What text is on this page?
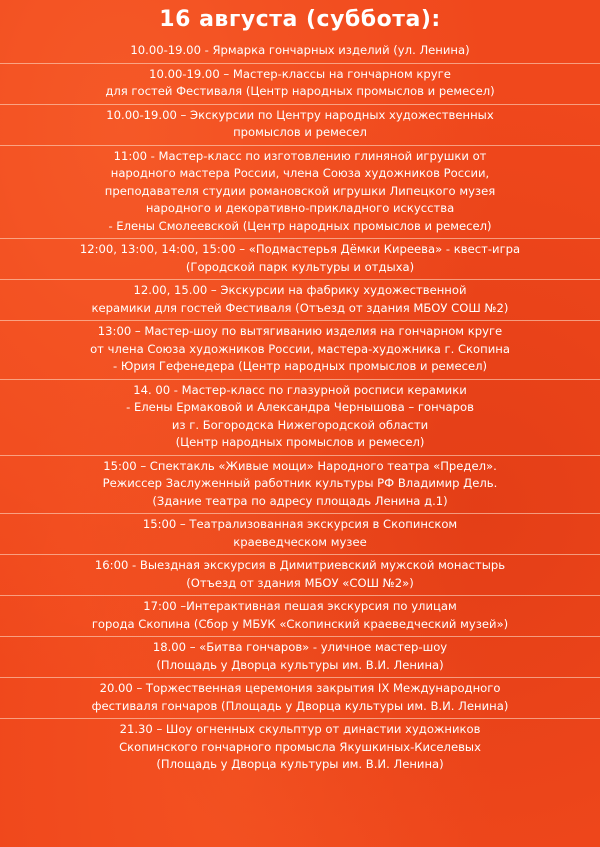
16 августа (суббота):
10.00-19.00 - Ярмарка гончарных изделий (ул. Ленина)
10.00-19.00 – Мастер-классы на гончарном круге
для гостей Фестиваля (Центр народных промыслов и ремесел)
10.00-19.00 – Экскурсии по Центру народных художественных
промыслов и ремесел
11:00 - Мастер-класс по изготовлению глиняной игрушки от
народного мастера России, члена Союза художников России,
преподавателя студии романовской игрушки Липецкого музея
народного и декоративно-прикладного искусства
- Елены Смолеевской (Центр народных промыслов и ремесел)
12:00, 13:00, 14:00, 15:00 – «Подмастерья Дёмки Киреева» - квест-игра
(Городской парк культуры и отдыха)
12.00, 15.00 – Экскурсии на фабрику художественной
керамики для гостей Фестиваля (Отъезд от здания МБОУ СОШ №2)
13:00 – Мастер-шоу по вытягиванию изделия на гончарном круге
от члена Союза художников России, мастера-художника г. Скопина
- Юрия Гефенедера (Центр народных промыслов и ремесел)
14. 00 - Мастер-класс по глазурной росписи керамики
- Елены Ермаковой и Александра Чернышова – гончаров
из г. Богородска Нижегородской области
(Центр народных промыслов и ремесел)
15:00 – Спектакль «Живые мощи» Народного театра «Предел».
Режиссер Заслуженный работник культуры РФ Владимир Дель.
(Здание театра по адресу площадь Ленина д.1)
15:00 – Театрализованная экскурсия в Скопинском
краеведческом музее
16:00 - Выездная экскурсия в Димитриевский мужской монастырь
(Отъезд от здания МБОУ «СОШ №2»)
17:00 –Интерактивная пешая экскурсия по улицам
города Скопина (Сбор у МБУК «Скопинский краеведческий музей»)
18.00 – «Битва гончаров» - уличное мастер-шоу
(Площадь у Дворца культуры им. В.И. Ленина)
20.00 – Торжественная церемония закрытия IX Международного
фестиваля гончаров (Площадь у Дворца культуры им. В.И. Ленина)
21.30 – Шоу огненных скульптур от династии художников
Скопинского гончарного промысла Якушкиных-Киселевых
(Площадь у Дворца культуры им. В.И. Ленина)
